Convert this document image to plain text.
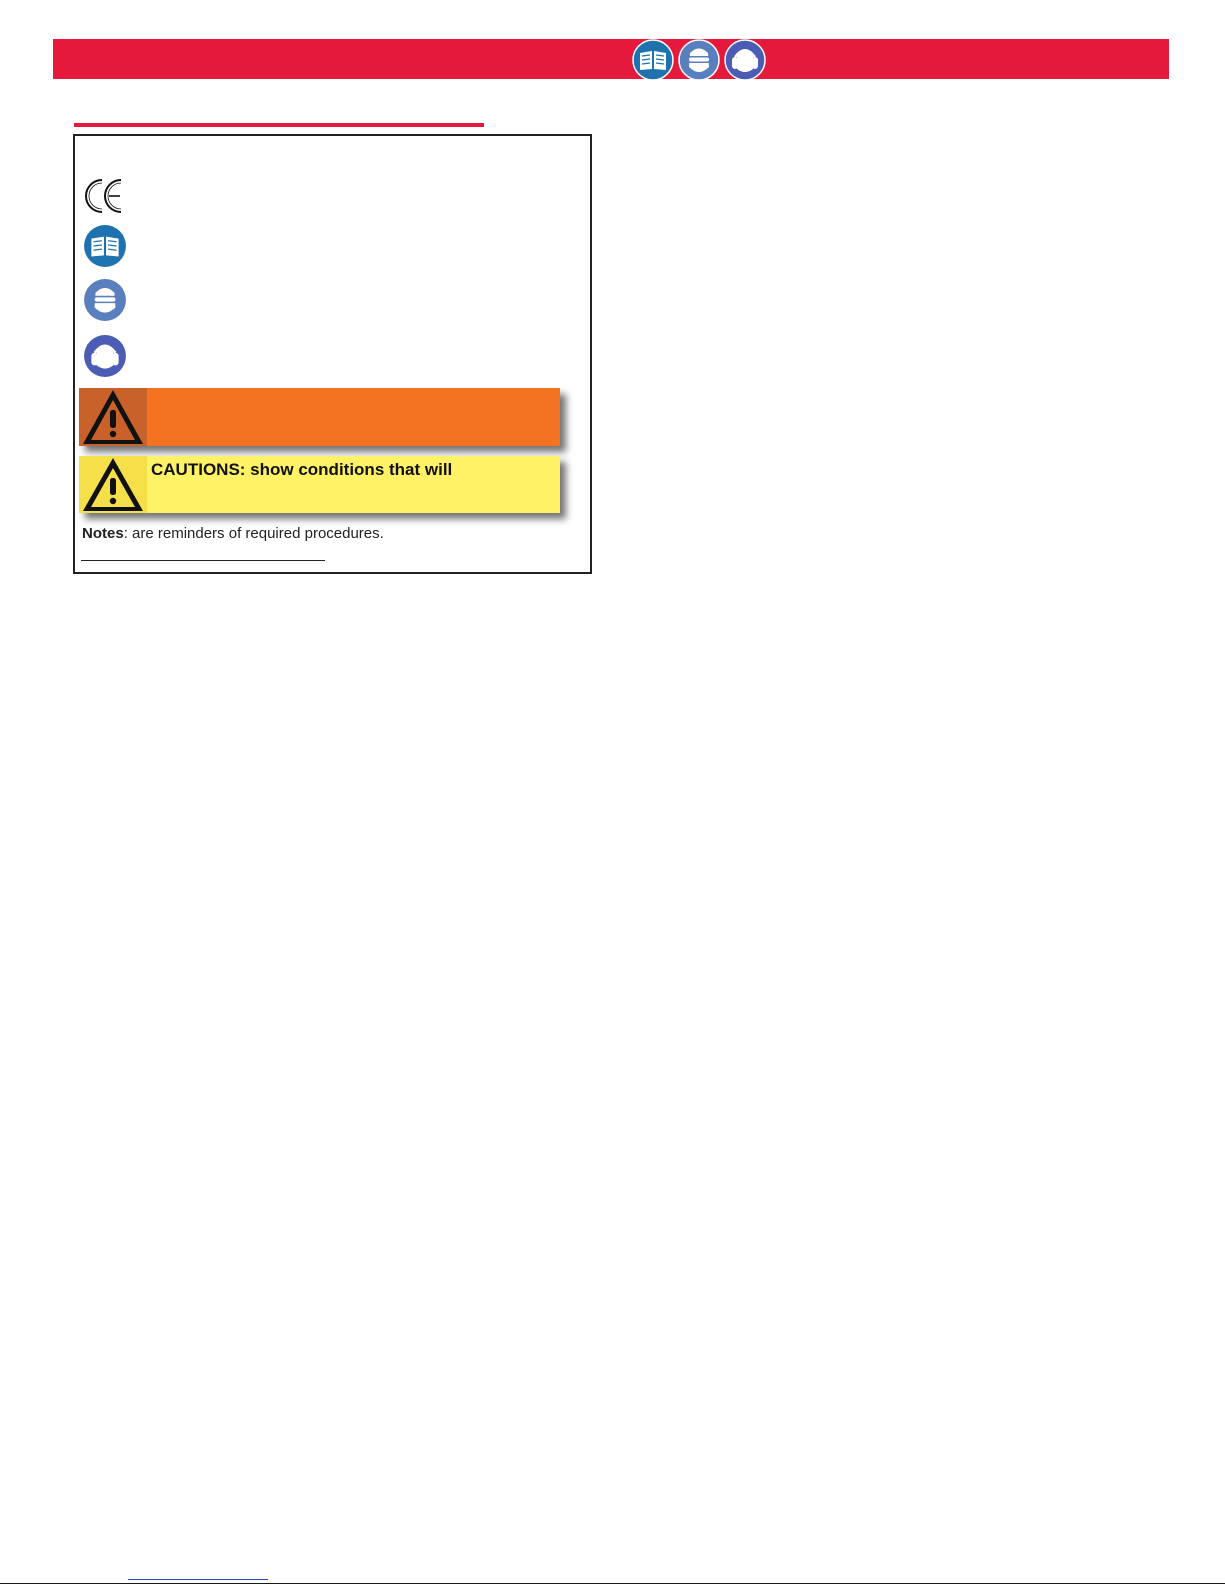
CAUTIONS: show conditions that will
Notes: are reminders of required procedures.
